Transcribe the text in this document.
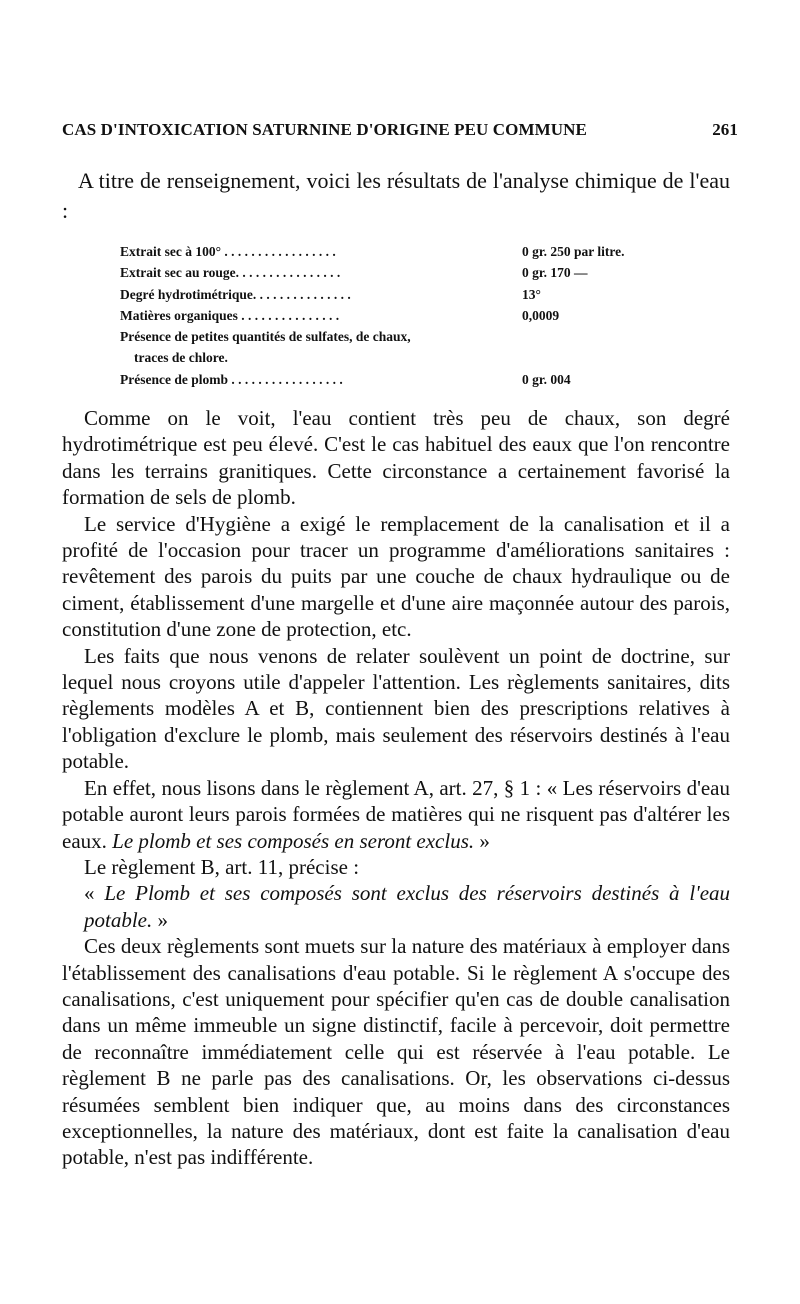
CAS D'INTOXICATION SATURNINE D'ORIGINE PEU COMMUNE	261

A titre de renseignement, voici les résultats de l'analyse chimique de l'eau :

Extrait sec à 100° . . . . . . . . . . . . . . . . .	0 gr. 250 par litre.
Extrait sec au rouge. . . . . . . . . . . . . . . .	0 gr. 170 —
Degré hydrotimétrique. . . . . . . . . . . . . . .	13°
Matières organiques . . . . . . . . . . . . . . .	0,0009
Présence de petites quantités de sulfates, de chaux,
traces de chlore.
Présence de plomb . . . . . . . . . . . . . . . . .	0 gr. 004

Comme on le voit, l'eau contient très peu de chaux, son degré hydrotimétrique est peu élevé. C'est le cas habituel des eaux que l'on rencontre dans les terrains granitiques. Cette circonstance a certainement favorisé la formation de sels de plomb.

Le service d'Hygiène a exigé le remplacement de la canalisation et il a profité de l'occasion pour tracer un programme d'améliorations sanitaires : revêtement des parois du puits par une couche de chaux hydraulique ou de ciment, établissement d'une margelle et d'une aire maçonnée autour des parois, constitution d'une zone de protection, etc.

Les faits que nous venons de relater soulèvent un point de doctrine, sur lequel nous croyons utile d'appeler l'attention. Les règlements sanitaires, dits règlements modèles A et B, contiennent bien des prescriptions relatives à l'obligation d'exclure le plomb, mais seulement des réservoirs destinés à l'eau potable.

En effet, nous lisons dans le règlement A, art. 27, § 1 : « Les réservoirs d'eau potable auront leurs parois formées de matières qui ne risquent pas d'altérer les eaux. Le plomb et ses composés en seront exclus. »

Le règlement B, art. 11, précise :

« Le Plomb et ses composés sont exclus des réservoirs destinés à l'eau potable. »

Ces deux règlements sont muets sur la nature des matériaux à employer dans l'établissement des canalisations d'eau potable. Si le règlement A s'occupe des canalisations, c'est uniquement pour spécifier qu'en cas de double canalisation dans un même immeuble un signe distinctif, facile à percevoir, doit permettre de reconnaître immédiatement celle qui est réservée à l'eau potable. Le règlement B ne parle pas des canalisations. Or, les observations ci-dessus résumées semblent bien indiquer que, au moins dans des circonstances exceptionnelles, la nature des matériaux, dont est faite la canalisation d'eau potable, n'est pas indifférente.
